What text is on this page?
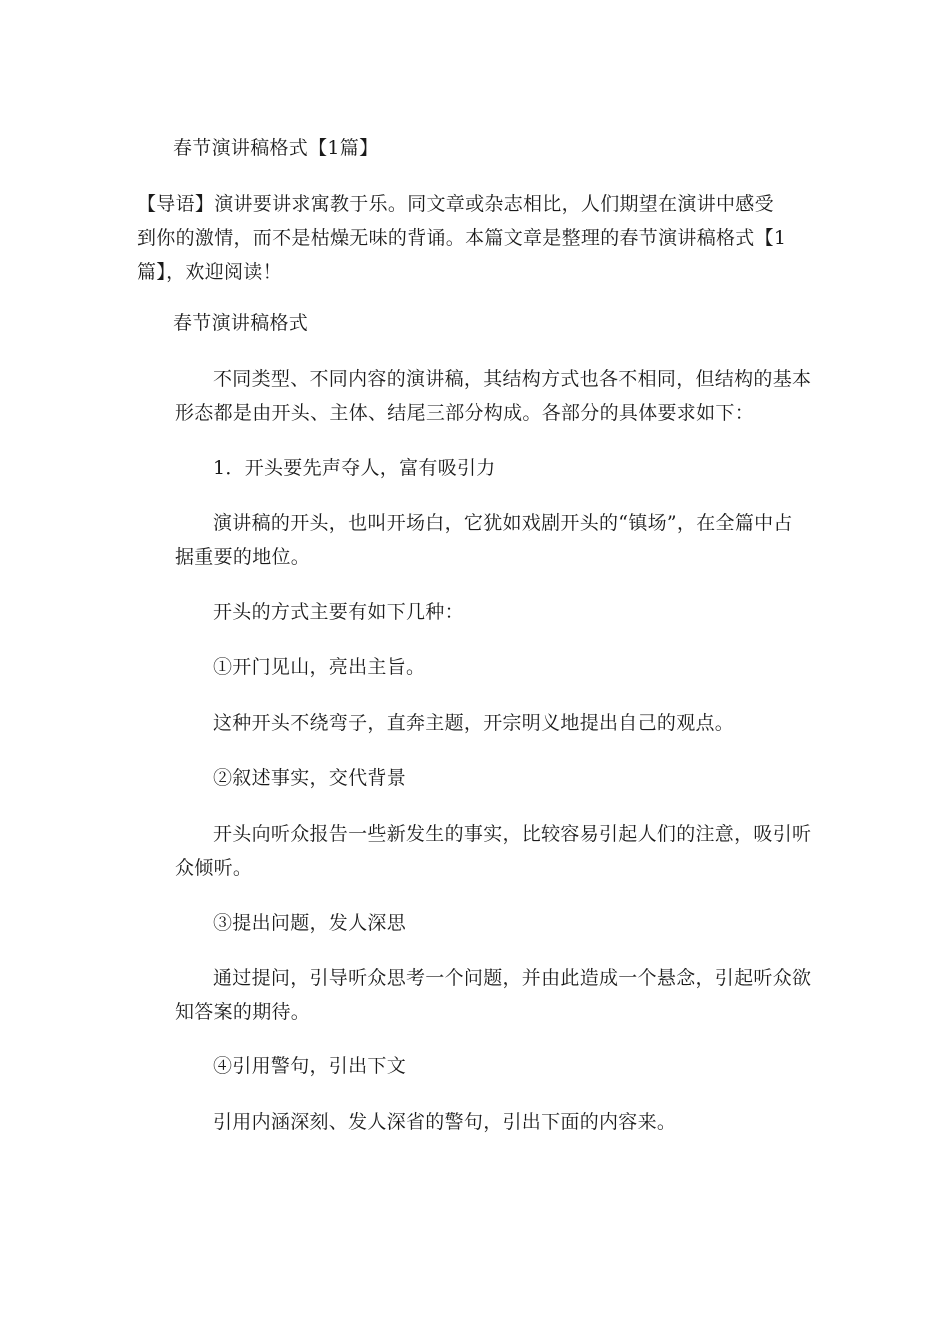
春节演讲稿格式【1篇】
【导语】演讲要讲求寓教于乐。同文章或杂志相比，人们期望在演讲中感受
到你的激情，而不是枯燥无味的背诵。本篇文章是整理的春节演讲稿格式【1
篇】，欢迎阅读！
春节演讲稿格式
不同类型、不同内容的演讲稿，其结构方式也各不相同，但结构的基本
形态都是由开头、主体、结尾三部分构成。各部分的具体要求如下：
1．开头要先声夺人，富有吸引力
演讲稿的开头，也叫开场白，它犹如戏剧开头的“镇场”，在全篇中占
据重要的地位。
开头的方式主要有如下几种：
①开门见山，亮出主旨。
这种开头不绕弯子，直奔主题，开宗明义地提出自己的观点。
②叙述事实，交代背景
开头向听众报告一些新发生的事实，比较容易引起人们的注意，吸引听
众倾听。
③提出问题，发人深思
通过提问，引导听众思考一个问题，并由此造成一个悬念，引起听众欲
知答案的期待。
④引用警句，引出下文
引用内涵深刻、发人深省的警句，引出下面的内容来。
